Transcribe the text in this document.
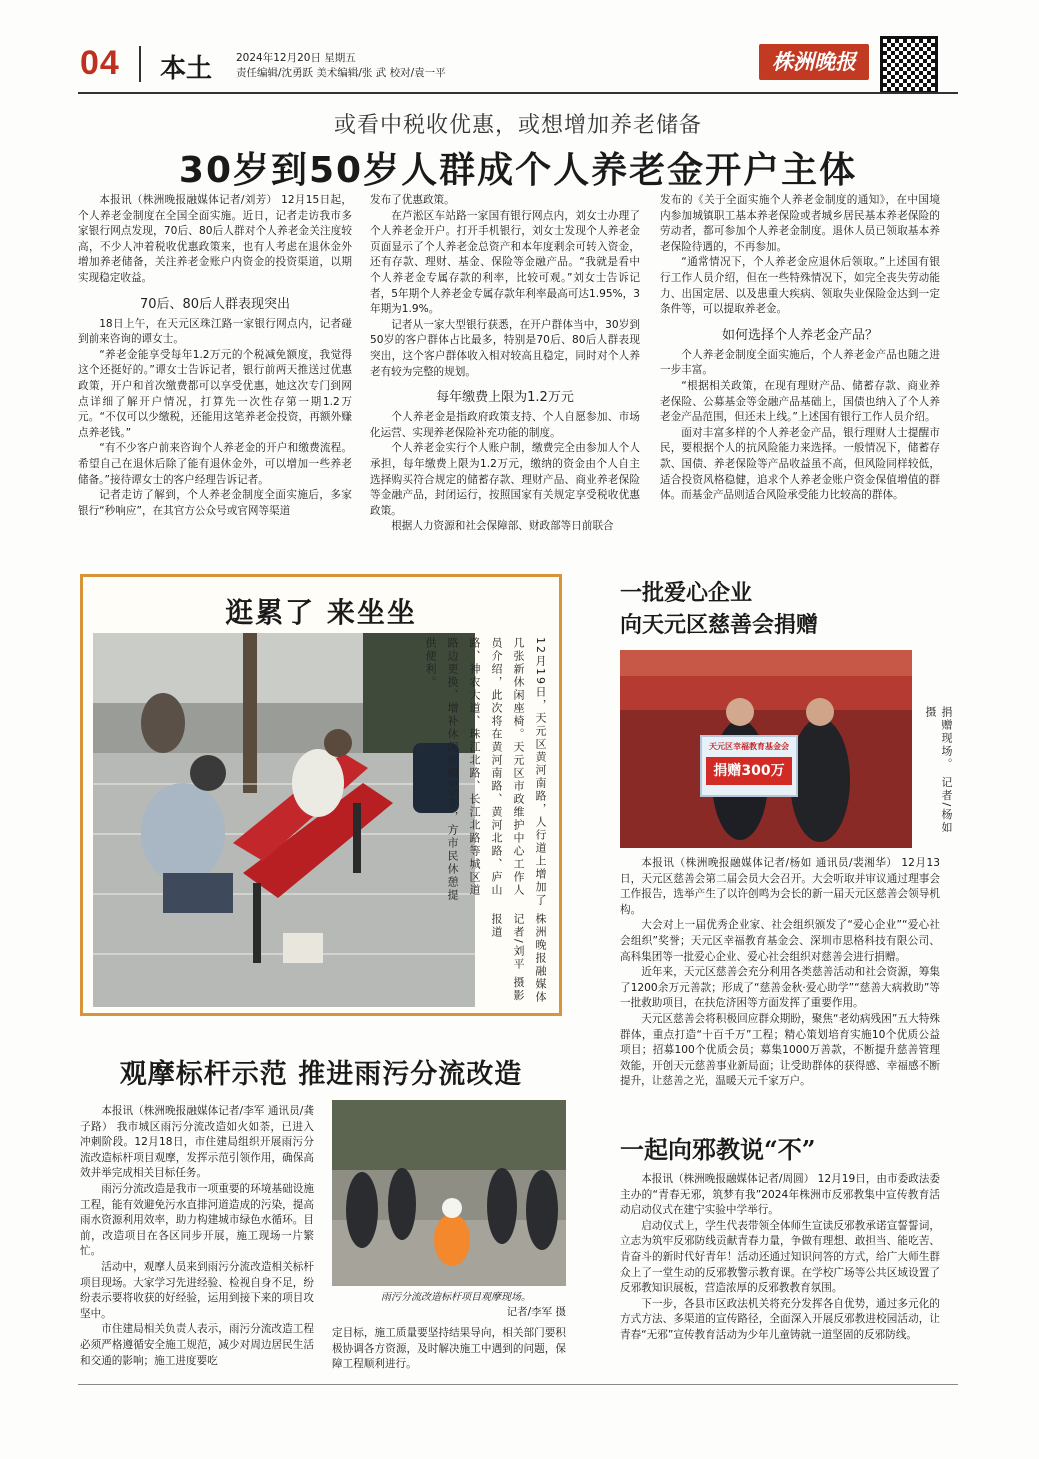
04 本土 2024年12月20日 星期五
责任编辑/沈勇跃 美术编辑/张 武 校对/袁一平	株洲晚报
或看中税收优惠，或想增加养老储备
30岁到50岁人群成个人养老金开户主体
本报讯（株洲晚报融媒体记者/刘芳） 12月15日起，个人养老金制度在全国全面实施。近日，记者走访我市多家银行网点发现，70后、80后人群对个人养老金关注度较高，不少人冲着税收优惠政策来，也有人考虑在退休金外增加养老储备，关注养老金账户内资金的投资渠道，以期实现稳定收益。
70后、80后人群表现突出
18日上午，在天元区珠江路一家银行网点内，记者碰到前来咨询的谭女士。
“养老金能享受每年1.2万元的个税减免额度，我觉得这个还挺好的。”谭女士告诉记者，银行前两天推送过优惠政策，开户和首次缴费都可以享受优惠，她这次专门到网点详细了解开户情况，打算先一次性存第一期1.2万元。“不仅可以少缴税，还能用这笔养老金投资，再额外赚点养老钱。”
“有不少客户前来咨询个人养老金的开户和缴费流程。希望自己在退休后除了能有退休金外，可以增加一些养老储备。”接待谭女士的客户经理告诉记者。
记者走访了解到，个人养老金制度全面实施后，多家银行“秒响应”，在其官方公众号或官网等渠道
发布了优惠政策。
在芦淞区车站路一家国有银行网点内，刘女士办理了个人养老金开户。打开手机银行，刘女士发现个人养老金页面显示了个人养老金总资产和本年度剩余可转入资金，还有存款、理财、基金、保险等金融产品。“我就是看中个人养老金专属存款的利率，比较可观。”刘女士告诉记者，5年期个人养老金专属存款年利率最高可达1.95%，3年期为1.9%。
记者从一家大型银行获悉，在开户群体当中，30岁到50岁的客户群体占比最多，特别是70后、80后人群表现突出，这个客户群体收入相对较高且稳定，同时对个人养老有较为完整的规划。
每年缴费上限为1.2万元
个人养老金是指政府政策支持、个人自愿参加、市场化运营、实现养老保险补充功能的制度。
个人养老金实行个人账户制，缴费完全由参加人个人承担，每年缴费上限为1.2万元，缴纳的资金由个人自主选择购买符合规定的储蓄存款、理财产品、商业养老保险等金融产品，封闭运行，按照国家有关规定享受税收优惠政策。
根据人力资源和社会保障部、财政部等日前联合
发布的《关于全面实施个人养老金制度的通知》，在中国境内参加城镇职工基本养老保险或者城乡居民基本养老保险的劳动者，都可参加个人养老金制度。退休人员已领取基本养老保险待遇的，不再参加。
“通常情况下，个人养老金应退休后领取。”上述国有银行工作人员介绍，但在一些特殊情况下，如完全丧失劳动能力、出国定居、以及患重大疾病、领取失业保险金达到一定条件等，可以提取养老金。
如何选择个人养老金产品？
个人养老金制度全面实施后，个人养老金产品也随之进一步丰富。
“根据相关政策，在现有理财产品、储蓄存款、商业养老保险、公募基金等金融产品基础上，国债也纳入了个人养老金产品范围，但还未上线。”上述国有银行工作人员介绍。
面对丰富多样的个人养老金产品，银行理财人士提醒市民，要根据个人的抗风险能力来选择。一般情况下，储蓄存款、国债、养老保险等产品收益虽不高，但风险同样较低，适合投资风格稳健，追求个人养老金账户资金保值增值的群体。而基金产品则适合风险承受能力比较高的群体。
逛累了 来坐坐
12月19日，天元区黄河南路，人行道上增加了几张新休闲座椅。天元区市政维护中心工作人员介绍，此次将在黄河南路、黄河北路、庐山路、神农大道、珠江北路、长江北路等城区道路边更换、增补休闲座椅55张，方市民休憩提供便利。
株洲晚报融媒体记者/刘平 摄影报道
一批爱心企业
向天元区慈善会捐赠
天元区幸福教育基金会
捐赠300万	捐赠现场。 记者/杨如 摄
本报讯（株洲晚报融媒体记者/杨如 通讯员/裴湘华） 12月13日，天元区慈善会第二届会员大会召开。大会听取并审议通过理事会工作报告，选举产生了以许创鸣为会长的新一届天元区慈善会领导机构。
大会对上一届优秀企业家、社会组织颁发了“爱心企业”“爱心社会组织”奖誉；天元区幸福教育基金会、深圳市思格科技有限公司、高科集团等一批爱心企业、爱心社会组织对慈善会进行捐赠。
近年来，天元区慈善会充分利用各类慈善活动和社会资源，筹集了1200余万元善款；形成了“慈善金秋·爱心助学”“慈善大病救助”等一批救助项目，在扶危济困等方面发挥了重要作用。
天元区慈善会将积极回应群众期盼，聚焦“老幼病残困”五大特殊群体，重点打造“十百千万”工程；精心策划培育实施10个优质公益项目；招募100个优质会员；募集1000万善款，不断提升慈善管理效能，开创天元慈善事业新局面；让受助群体的获得感、幸福感不断提升，让慈善之光，温暖天元千家万户。
观摩标杆示范 推进雨污分流改造
本报讯（株洲晚报融媒体记者/李军 通讯员/龚子路） 我市城区雨污分流改造如火如荼，已进入冲刺阶段。12月18日，市住建局组织开展雨污分流改造标杆项目观摩，发挥示范引领作用，确保高效并举完成相关目标任务。
雨污分流改造是我市一项重要的环境基础设施工程，能有效避免污水直排河道造成的污染，提高雨水资源利用效率，助力构建城市绿色水循环。目前，改造项目在各区同步开展，施工现场一片繁忙。
活动中，观摩人员来到雨污分流改造相关标杆项目现场。大家学习先进经验、检视自身不足，纷纷表示要将收获的好经验，运用到接下来的项目攻坚中。
市住建局相关负责人表示，雨污分流改造工程必须严格遵循安全施工规范，减少对周边居民生活和交通的影响；施工进度要吃
雨污分流改造标杆项目观摩现场。
记者/李军 摄
定目标，施工质量要坚持结果导向，相关部门要积极协调各方资源，及时解决施工中遇到的问题，保障工程顺利进行。
一起向邪教说“不”
本报讯（株洲晚报融媒体记者/周圆） 12月19日，由市委政法委主办的“青春无邪，筑梦有我”2024年株洲市反邪教集中宣传教育活动启动仪式在建宁实验中学举行。
启动仪式上，学生代表带领全体师生宣读反邪教承诺宣誓誓词，立志为筑牢反邪防线贡献青春力量，争做有理想、敢担当、能吃苦、肯奋斗的新时代好青年！活动还通过知识问答的方式，给广大师生群众上了一堂生动的反邪教警示教育课。在学校广场等公共区域设置了反邪教知识展板，营造浓厚的反邪教教育氛围。
下一步，各县市区政法机关将充分发挥各自优势，通过多元化的方式方法、多渠道的宣传路径，全面深入开展反邪教进校园活动，让青春“无邪”宣传教育活动为少年儿童铸就一道坚固的反邪防线。
